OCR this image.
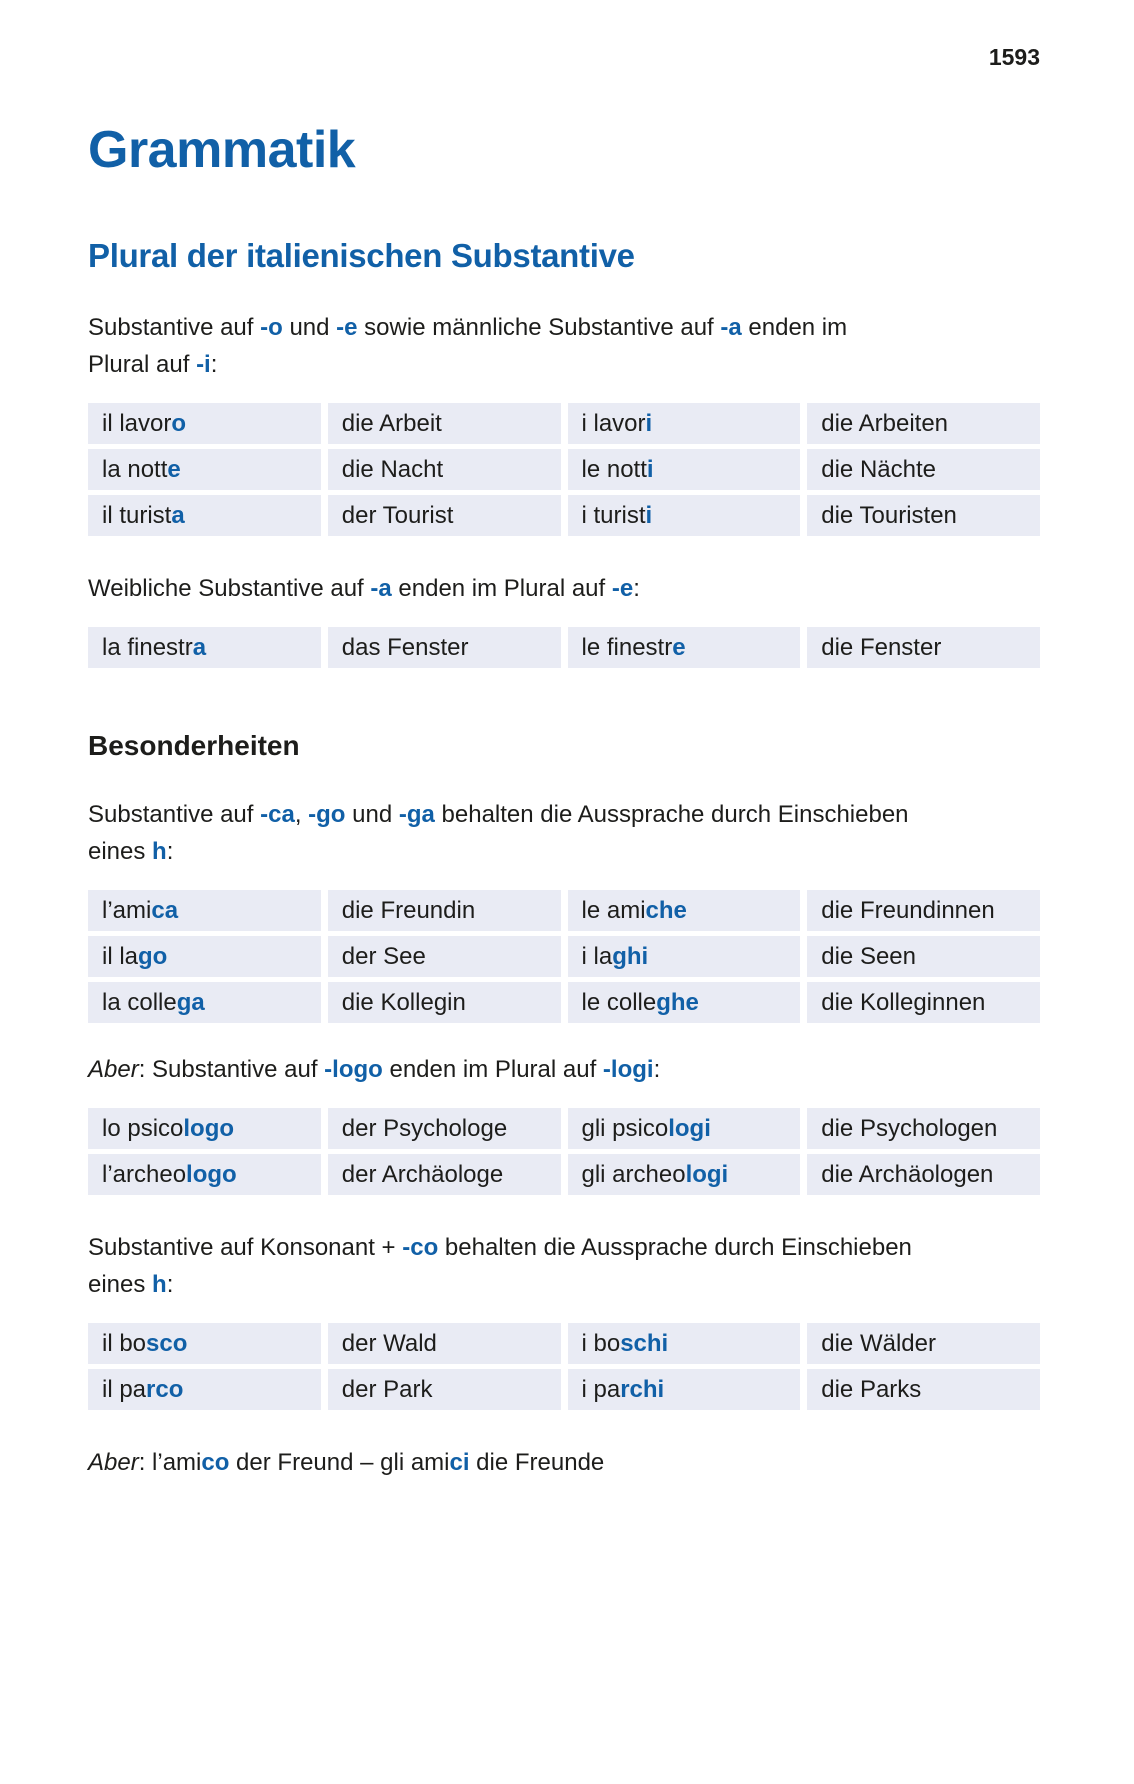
1593
Grammatik
Plural der italienischen Substantive

Substantive auf -o und -e sowie männliche Substantive auf -a enden im
Plural auf -i:

il lavor o	die Arbeit	i lavor i	die Arbeiten
la nott e	die Nacht	le nott i	die Nächte
il turist a	der Tourist	i turist i	die Touristen

Weibliche Substantive auf -a enden im Plural auf -e:

la finestr a	das Fenster	le finestr e	die Fenster
Besonderheiten

Substantive auf -ca, -go und -ga behalten die Aussprache durch Einschieben
eines h:

l’ami ca	die Freundin	le ami che	die Freundinnen
il la go	der See	i la ghi	die Seen
la colle ga	die Kollegin	le colle ghe	die Kolleginnen

Aber: Substantive auf -logo enden im Plural auf -logi:

lo psico logo	der Psychologe	gli psico logi	die Psychologen
l’archeo logo	der Archäologe	gli archeo logi	die Archäologen

Substantive auf Konsonant + -co behalten die Aussprache durch Einschieben
eines h:

il bo sco	der Wald	i bo schi	die Wälder
il pa rco	der Park	i pa rchi	die Parks

Aber: l’amico der Freund – gli amici die Freunde
